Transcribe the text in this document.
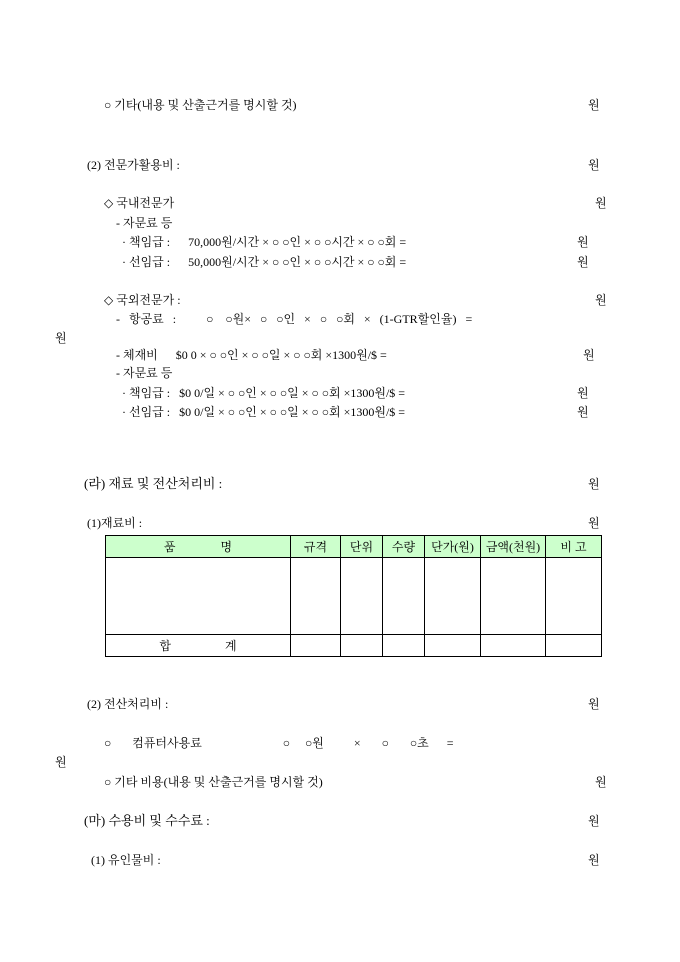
○ 기타(내용 및 산출근거를 명시할 것)	원
(2) 전문가활용비 :	원
◇ 국내전문가	원
- 자문료 등
· 책임급 :      70,000원/시간 × ○ ○인 × ○ ○시간 × ○ ○회 =	원
· 선임급 :      50,000원/시간 × ○ ○인 × ○ ○시간 × ○ ○회 =	원
◇ 국외전문가 :	원
-   항공료   :          ○    ○원×   ○   ○인   ×   ○   ○회   ×   (1-GTR할인율)   =
원
- 체재비      $0 0 × ○ ○인 × ○ ○일 × ○ ○회 ×1300원/$ =	원
- 자문료 등
· 책임급 :   $0 0/일 × ○ ○인 × ○ ○일 × ○ ○회 ×1300원/$ =	원
· 선임급 :   $0 0/일 × ○ ○인 × ○ ○일 × ○ ○회 ×1300원/$ =	원
(라) 재료 및 전산처리비 :	원
(1)재료비 :	원
품               명	규격	단위	수량	단가(원)	금액(천원)	비 고

합                  계						
(2) 전산처리비 :	원
○       컴퓨터사용료                           ○     ○원          ×       ○       ○초      =
원
○ 기타 비용(내용 및 산출근거를 명시할 것)	원
(마) 수용비 및 수수료 :	원
(1) 유인물비 :	원
